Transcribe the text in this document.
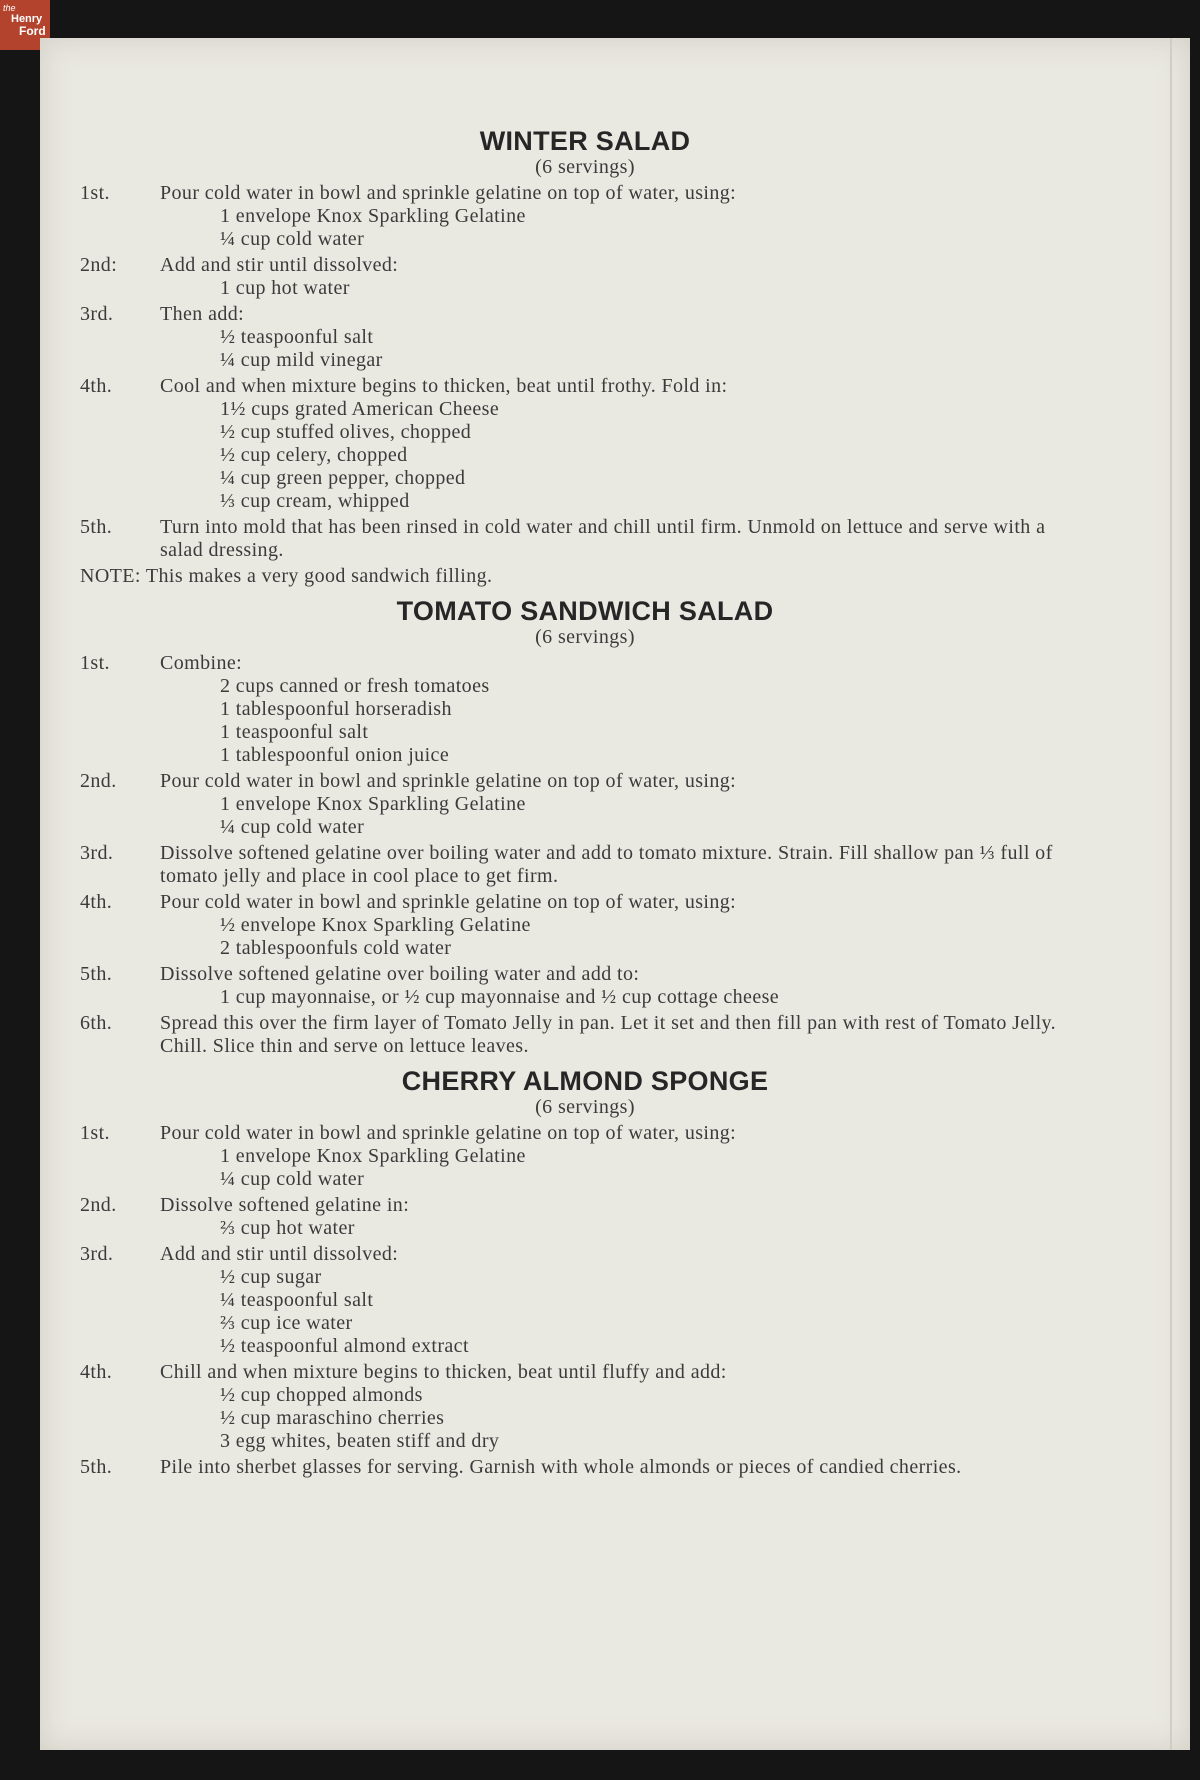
the
Henry
Ford
WINTER SALAD
(6 servings)
1st.	Pour cold water in bowl and sprinkle gelatine on top of water, using:
1 envelope Knox Sparkling Gelatine
¼ cup cold water
2nd:	Add and stir until dissolved:
1 cup hot water
3rd.	Then add:
½ teaspoonful salt
¼ cup mild vinegar
4th.	Cool and when mixture begins to thicken, beat until frothy. Fold in:
1½ cups grated American Cheese
½ cup stuffed olives, chopped
½ cup celery, chopped
¼ cup green pepper, chopped
⅓ cup cream, whipped
5th.	Turn into mold that has been rinsed in cold water and chill until firm. Unmold on lettuce and serve with a salad dressing.
NOTE: This makes a very good sandwich filling.
TOMATO SANDWICH SALAD
(6 servings)
1st.	Combine:
2 cups canned or fresh tomatoes
1 tablespoonful horseradish
1 teaspoonful salt
1 tablespoonful onion juice
2nd.	Pour cold water in bowl and sprinkle gelatine on top of water, using:
1 envelope Knox Sparkling Gelatine
¼ cup cold water
3rd.	Dissolve softened gelatine over boiling water and add to tomato mixture. Strain. Fill shallow pan ⅓ full of tomato jelly and place in cool place to get firm.
4th.	Pour cold water in bowl and sprinkle gelatine on top of water, using:
½ envelope Knox Sparkling Gelatine
2 tablespoonfuls cold water
5th.	Dissolve softened gelatine over boiling water and add to:
1 cup mayonnaise, or ½ cup mayonnaise and ½ cup cottage cheese
6th.	Spread this over the firm layer of Tomato Jelly in pan. Let it set and then fill pan with rest of Tomato Jelly. Chill. Slice thin and serve on lettuce leaves.
CHERRY ALMOND SPONGE
(6 servings)
1st.	Pour cold water in bowl and sprinkle gelatine on top of water, using:
1 envelope Knox Sparkling Gelatine
¼ cup cold water
2nd.	Dissolve softened gelatine in:
⅔ cup hot water
3rd.	Add and stir until dissolved:
½ cup sugar
¼ teaspoonful salt
⅔ cup ice water
½ teaspoonful almond extract
4th.	Chill and when mixture begins to thicken, beat until fluffy and add:
½ cup chopped almonds
½ cup maraschino cherries
3 egg whites, beaten stiff and dry
5th.	Pile into sherbet glasses for serving. Garnish with whole almonds or pieces of candied cherries.
